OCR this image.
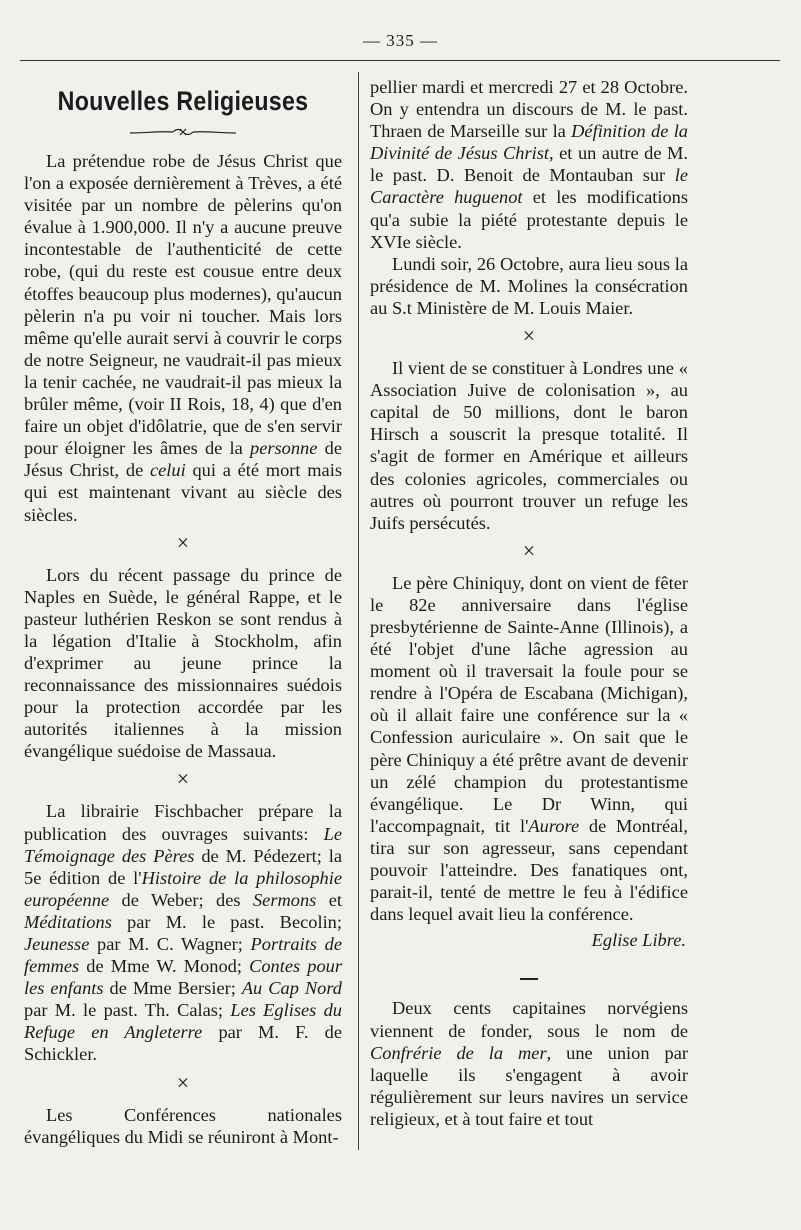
— 335 —
Nouvelles Religieuses

La prétendue robe de Jésus Christ que l'on a exposée dernièrement à Trèves, a été visitée par un nombre de pèlerins qu'on évalue à 1.900,000. Il n'y a aucune preuve incontestable de l'authenticité de cette robe, (qui du reste est cousue entre deux étoffes beaucoup plus modernes), qu'aucun pèlerin n'a pu voir ni toucher. Mais lors même qu'elle aurait servi à couvrir le corps de notre Seigneur, ne vaudrait-il pas mieux la tenir cachée, ne vaudrait-il pas mieux la brûler même, (voir II Rois, 18, 4) que d'en faire un objet d'idôlatrie, que de s'en servir pour éloigner les âmes de la personne de Jésus Christ, de celui qui a été mort mais qui est maintenant vivant au siècle des siècles.

×

Lors du récent passage du prince de Naples en Suède, le général Rappe, et le pasteur luthérien Reskon se sont rendus à la légation d'Italie à Stockholm, afin d'exprimer au jeune prince la reconnaissance des missionnaires suédois pour la protection accordée par les autorités italiennes à la mission évangélique suédoise de Massaua.

×

La librairie Fischbacher prépare la publication des ouvrages suivants: Le Témoignage des Pères de M. Pédezert; la 5e édition de l'Histoire de la philosophie européenne de Weber; des Sermons et Méditations par M. le past. Becolin; Jeunesse par M. C. Wagner; Portraits de femmes de Mme W. Monod; Contes pour les enfants de Mme Bersier; Au Cap Nord par M. le past. Th. Calas; Les Eglises du Refuge en Angleterre par M. F. de Schickler.

×

Les Conférences nationales évangéliques du Midi se réuniront à Mont-

pellier mardi et mercredi 27 et 28 Octobre. On y entendra un discours de M. le past. Thraen de Marseille sur la Définition de la Divinité de Jésus Christ, et un autre de M. le past. D. Benoit de Montauban sur le Caractère huguenot et les modifications qu'a subie la piété protestante depuis le XVIe siècle.

Lundi soir, 26 Octobre, aura lieu sous la présidence de M. Molines la consécration au S.t Ministère de M. Louis Maier.

×

Il vient de se constituer à Londres une « Association Juive de colonisation », au capital de 50 millions, dont le baron Hirsch a souscrit la presque totalité. Il s'agit de former en Amérique et ailleurs des colonies agricoles, commerciales ou autres où pourront trouver un refuge les Juifs persécutés.

×

Le père Chiniquy, dont on vient de fêter le 82e anniversaire dans l'église presbytérienne de Sainte-Anne (Illinois), a été l'objet d'une lâche agression au moment où il traversait la foule pour se rendre à l'Opéra de Escabana (Michigan), où il allait faire une conférence sur la « Confession auriculaire ». On sait que le père Chiniquy a été prêtre avant de devenir un zélé champion du protestantisme évangélique. Le Dr Winn, qui l'accompagnait, tit l'Aurore de Montréal, tira sur son agresseur, sans cependant pouvoir l'atteindre. Des fanatiques ont, parait-il, tenté de mettre le feu à l'édifice dans lequel avait lieu la conférence.

Eglise Libre.

Deux cents capitaines norvégiens viennent de fonder, sous le nom de Confrérie de la mer, une union par laquelle ils s'engagent à avoir régulièrement sur leurs navires un service religieux, et à tout faire et tout
